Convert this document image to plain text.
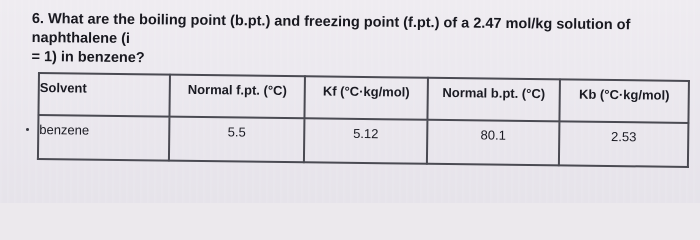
6. What are the boiling point (b.pt.) and freezing point (f.pt.) of a 2.47 mol/kg solution of naphthalene (i
= 1) in benzene?

Solvent	Normal f.pt. (°C)	Kf (°C·kg/mol)	Normal b.pt. (°C)	Kb (°C·kg/mol)
benzene	5.5	5.12	80.1	2.53
